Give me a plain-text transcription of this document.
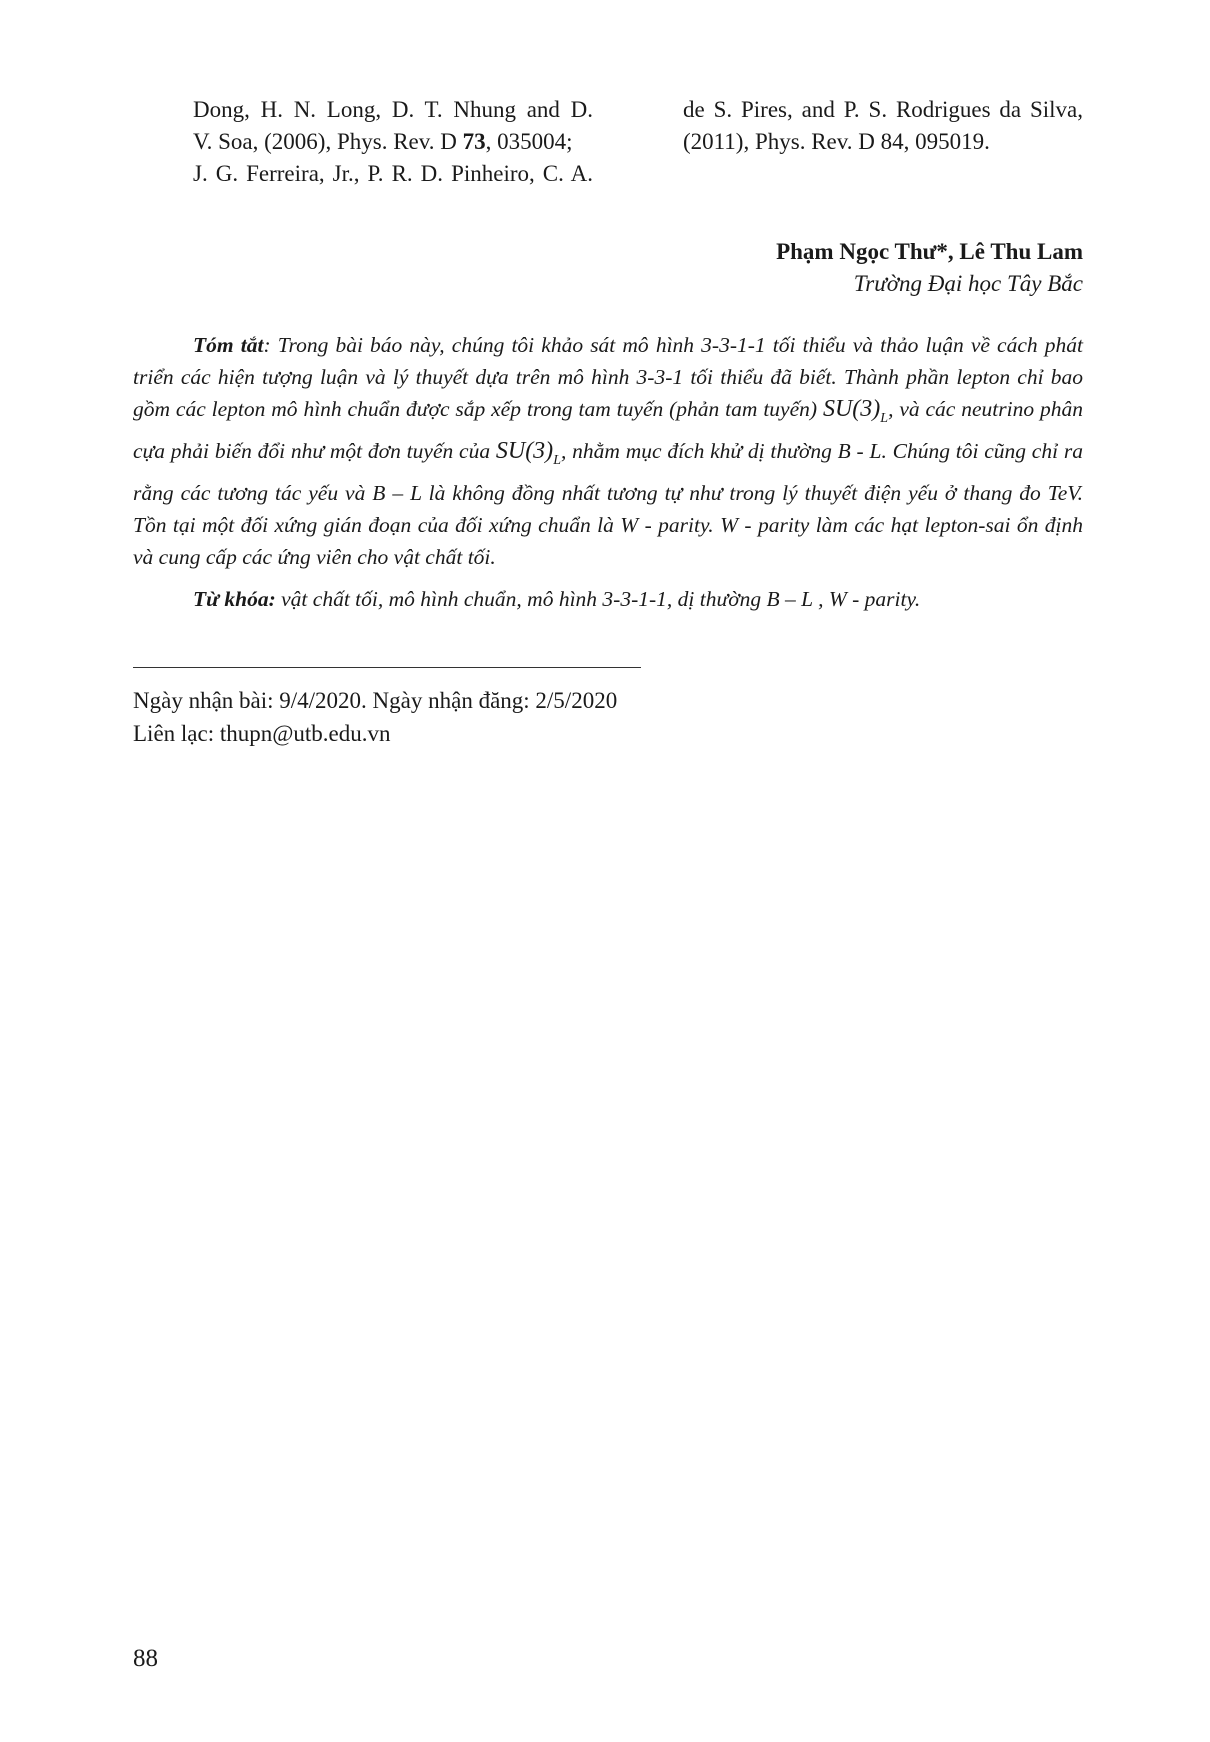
Dong, H. N. Long, D. T. Nhung and D.
V. Soa, (2006), Phys. Rev. D 73, 035004;
J. G. Ferreira, Jr., P. R. D. Pinheiro, C. A.
de S. Pires, and P. S. Rodrigues da Silva,
(2011), Phys. Rev. D 84, 095019.
Phạm Ngọc Thư*, Lê Thu Lam
Trường Đại học Tây Bắc

Tóm tắt: Trong bài báo này, chúng tôi khảo sát mô hình 3-3-1-1 tối thiểu và thảo luận về cách phát triển các hiện tượng luận và lý thuyết dựa trên mô hình 3-3-1 tối thiểu đã biết. Thành phần lepton chỉ bao gồm các lepton mô hình chuẩn được sắp xếp trong tam tuyến (phản tam tuyến) $SU(3)_L$, và các neutrino phân cựa phải biến đổi như một đơn tuyến của $SU(3)_L$, nhằm mục đích khử dị thường B - L. Chúng tôi cũng chỉ ra rằng các tương tác yếu và B – L là không đồng nhất tương tự như trong lý thuyết điện yếu ở thang đo TeV. Tồn tại một đối xứng gián đoạn của đối xứng chuẩn là W - parity. W - parity làm các hạt lepton-sai ổn định và cung cấp các ứng viên cho vật chất tối.

Từ khóa: vật chất tối, mô hình chuẩn, mô hình 3-3-1-1, dị thường B – L , W - parity.

Ngày nhận bài: 9/4/2020. Ngày nhận đăng: 2/5/2020
Liên lạc: thupn@utb.edu.vn
88
